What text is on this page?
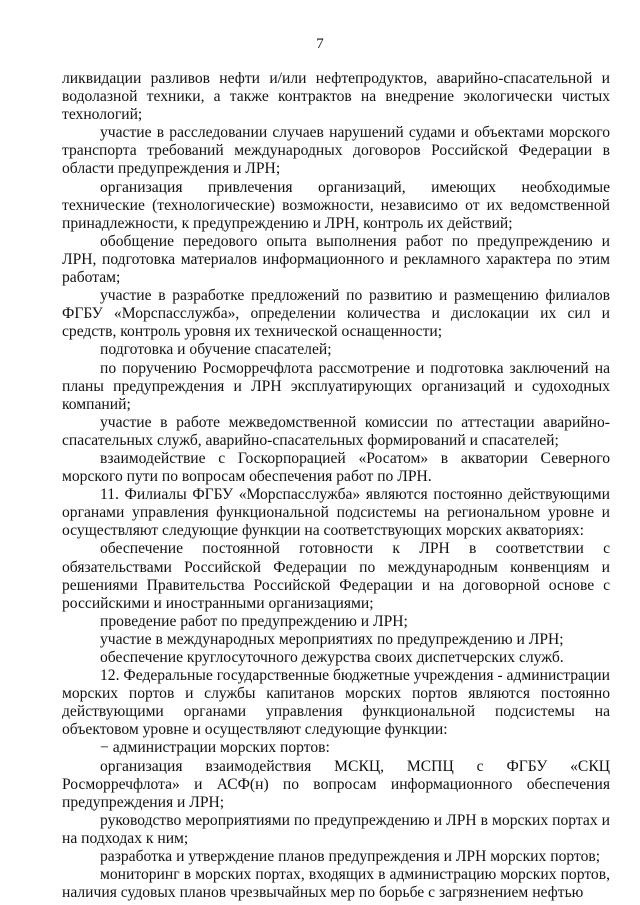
7

ликвидации разливов нефти и/или нефтепродуктов, аварийно-спасательной и водолазной техники, а также контрактов на внедрение экологически чистых технологий;

участие в расследовании случаев нарушений судами и объектами морского транспорта требований международных договоров Российской Федерации в области предупреждения и ЛРН;

организация привлечения организаций, имеющих необходимые технические (технологические) возможности, независимо от их ведомственной принадлежности, к предупреждению и ЛРН, контроль их действий;

обобщение передового опыта выполнения работ по предупреждению и ЛРН, подготовка материалов информационного и рекламного характера по этим работам;

участие в разработке предложений по развитию и размещению филиалов ФГБУ «Морспасслужба», определении количества и дислокации их сил и средств, контроль уровня их технической оснащенности;

подготовка и обучение спасателей;

по поручению Росморречфлота рассмотрение и подготовка заключений на планы предупреждения и ЛРН эксплуатирующих организаций и судоходных компаний;

участие в работе межведомственной комиссии по аттестации аварийно-спасательных служб, аварийно-спасательных формирований и спасателей;

взаимодействие с Госкорпорацией «Росатом» в акватории Северного морского пути по вопросам обеспечения работ по ЛРН.

11. Филиалы ФГБУ «Морспасслужба» являются постоянно действующими органами управления функциональной подсистемы на региональном уровне и осуществляют следующие функции на соответствующих морских акваториях:

обеспечение постоянной готовности к ЛРН в соответствии с обязательствами Российской Федерации по международным конвенциям и решениями Правительства Российской Федерации и на договорной основе с российскими и иностранными организациями;

проведение работ по предупреждению и ЛРН;

участие в международных мероприятиях по предупреждению и ЛРН;

обеспечение круглосуточного дежурства своих диспетчерских служб.

12. Федеральные государственные бюджетные учреждения - администрации морских портов и службы капитанов морских портов являются постоянно действующими органами управления функциональной подсистемы на объектовом уровне и осуществляют следующие функции:

− администрации морских портов:

организация взаимодействия МСКЦ, МСПЦ с ФГБУ «СКЦ Росморречфлота» и АСФ(н) по вопросам информационного обеспечения предупреждения и ЛРН;

руководство мероприятиями по предупреждению и ЛРН в морских портах и на подходах к ним;

разработка и утверждение планов предупреждения и ЛРН морских портов;

мониторинг в морских портах, входящих в администрацию морских портов, наличия судовых планов чрезвычайных мер по борьбе с загрязнением нефтью
